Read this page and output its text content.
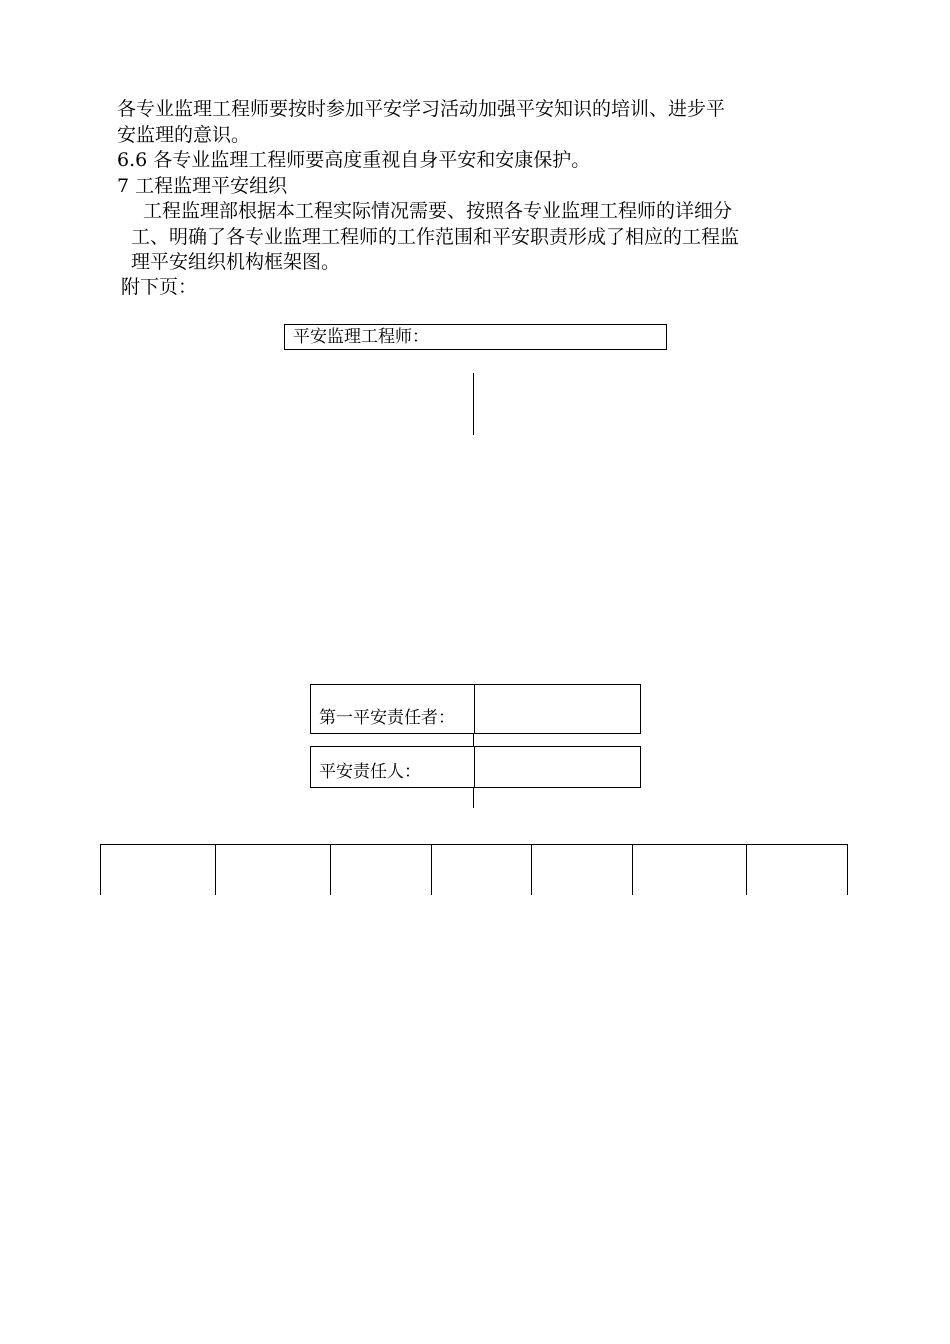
各专业监理工程师要按时参加平安学习活动加强平安知识的培训、进步平
安监理的意识。
6.6 各专业监理工程师要高度重视自身平安和安康保护。
7 工程监理平安组织
工程监理部根据本工程实际情况需要、按照各专业监理工程师的详细分
工、明确了各专业监理工程师的工作范围和平安职责形成了相应的工程监
理平安组织机构框架图。
附下页：
平安监理工程师：
第一平安责任者：
平安责任人：
